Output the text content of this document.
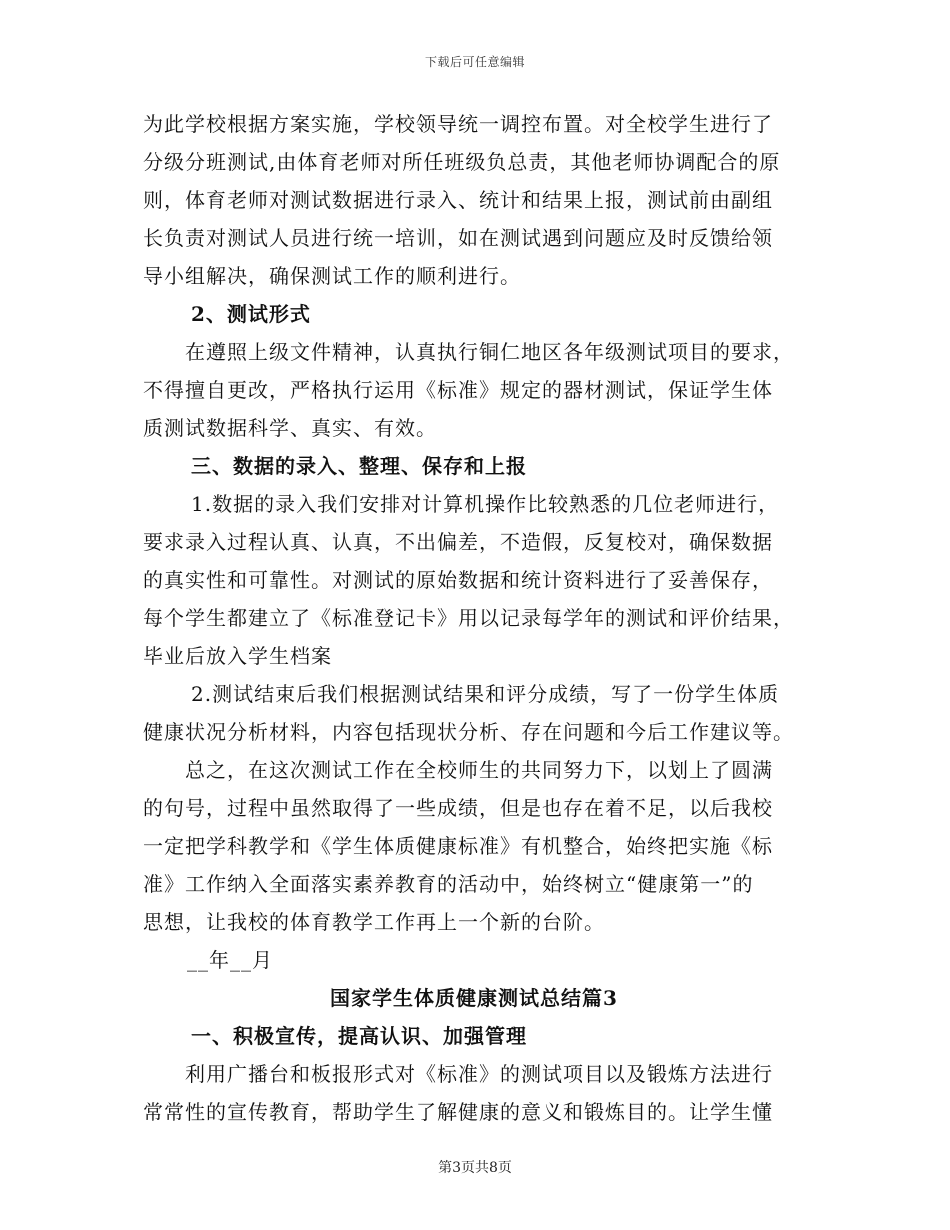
下载后可任意编辑
为此学校根据方案实施，学校领导统一调控布置。对全校学生进行了
分级分班测试,由体育老师对所任班级负总责，其他老师协调配合的原
则，体育老师对测试数据进行录入、统计和结果上报，测试前由副组
长负责对测试人员进行统一培训，如在测试遇到问题应及时反馈给领
导小组解决，确保测试工作的顺利进行。
2、测试形式
在遵照上级文件精神，认真执行铜仁地区各年级测试项目的要求，
不得擅自更改，严格执行运用《标准》规定的器材测试，保证学生体
质测试数据科学、真实、有效。
三、数据的录入、整理、保存和上报
1.数据的录入我们安排对计算机操作比较熟悉的几位老师进行，
要求录入过程认真、认真，不出偏差，不造假，反复校对，确保数据
的真实性和可靠性。对测试的原始数据和统计资料进行了妥善保存，
每个学生都建立了《标准登记卡》用以记录每学年的测试和评价结果，
毕业后放入学生档案
2.测试结束后我们根据测试结果和评分成绩，写了一份学生体质
健康状况分析材料，内容包括现状分析、存在问题和今后工作建议等。
总之，在这次测试工作在全校师生的共同努力下，以划上了圆满
的句号，过程中虽然取得了一些成绩，但是也存在着不足，以后我校
一定把学科教学和《学生体质健康标准》有机整合，始终把实施《标
准》工作纳入全面落实素养教育的活动中，始终树立“健康第一”的
思想，让我校的体育教学工作再上一个新的台阶。
__年__月
国家学生体质健康测试总结篇3
一、积极宣传，提高认识、加强管理
利用广播台和板报形式对《标准》的测试项目以及锻炼方法进行
常常性的宣传教育，帮助学生了解健康的意义和锻炼目的。让学生懂
第3页共8页
